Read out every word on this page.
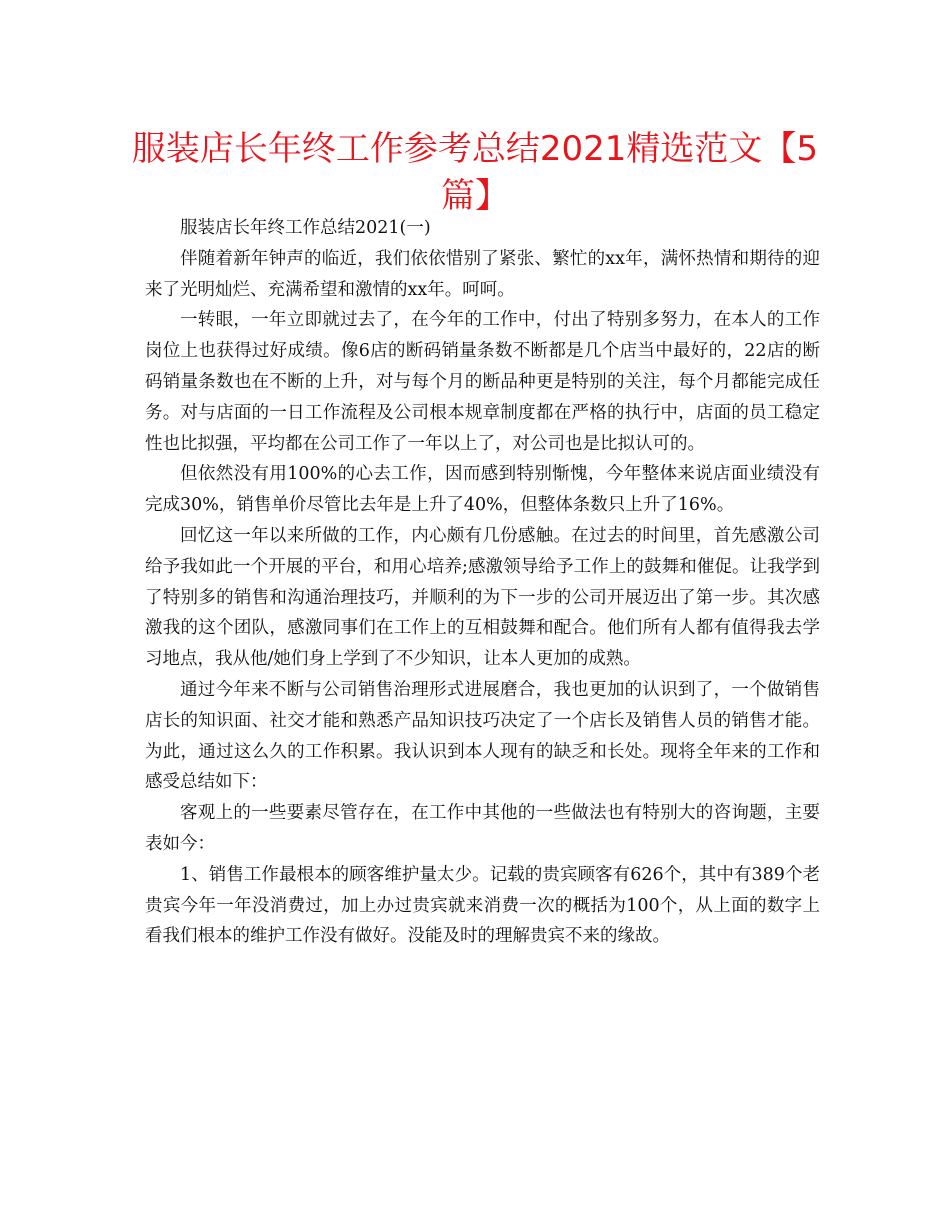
服装店长年终工作参考总结2021精选范文【5篇】

服装店长年终工作总结2021(一)

伴随着新年钟声的临近，我们依依惜别了紧张、繁忙的xx年，满怀热情和期待的迎来了光明灿烂、充满希望和激情的xx年。呵呵。

一转眼，一年立即就过去了，在今年的工作中，付出了特别多努力，在本人的工作岗位上也获得过好成绩。像6店的断码销量条数不断都是几个店当中最好的，22店的断码销量条数也在不断的上升，对与每个月的断品种更是特别的关注，每个月都能完成任务。对与店面的一日工作流程及公司根本规章制度都在严格的执行中，店面的员工稳定性也比拟强，平均都在公司工作了一年以上了，对公司也是比拟认可的。

但依然没有用100%的心去工作，因而感到特别惭愧，今年整体来说店面业绩没有完成30%，销售单价尽管比去年是上升了40%，但整体条数只上升了16%。

回忆这一年以来所做的工作，内心颇有几份感触。在过去的时间里，首先感激公司给予我如此一个开展的平台，和用心培养;感激领导给予工作上的鼓舞和催促。让我学到了特别多的销售和沟通治理技巧，并顺利的为下一步的公司开展迈出了第一步。其次感激我的这个团队，感激同事们在工作上的互相鼓舞和配合。他们所有人都有值得我去学习地点，我从他/她们身上学到了不少知识，让本人更加的成熟。

通过今年来不断与公司销售治理形式进展磨合，我也更加的认识到了，一个做销售店长的知识面、社交才能和熟悉产品知识技巧决定了一个店长及销售人员的销售才能。为此，通过这么久的工作积累。我认识到本人现有的缺乏和长处。现将全年来的工作和感受总结如下：

客观上的一些要素尽管存在，在工作中其他的一些做法也有特别大的咨询题，主要表如今：

1、销售工作最根本的顾客维护量太少。记载的贵宾顾客有626个，其中有389个老贵宾今年一年没消费过，加上办过贵宾就来消费一次的概括为100个，从上面的数字上看我们根本的维护工作没有做好。没能及时的理解贵宾不来的缘故。
